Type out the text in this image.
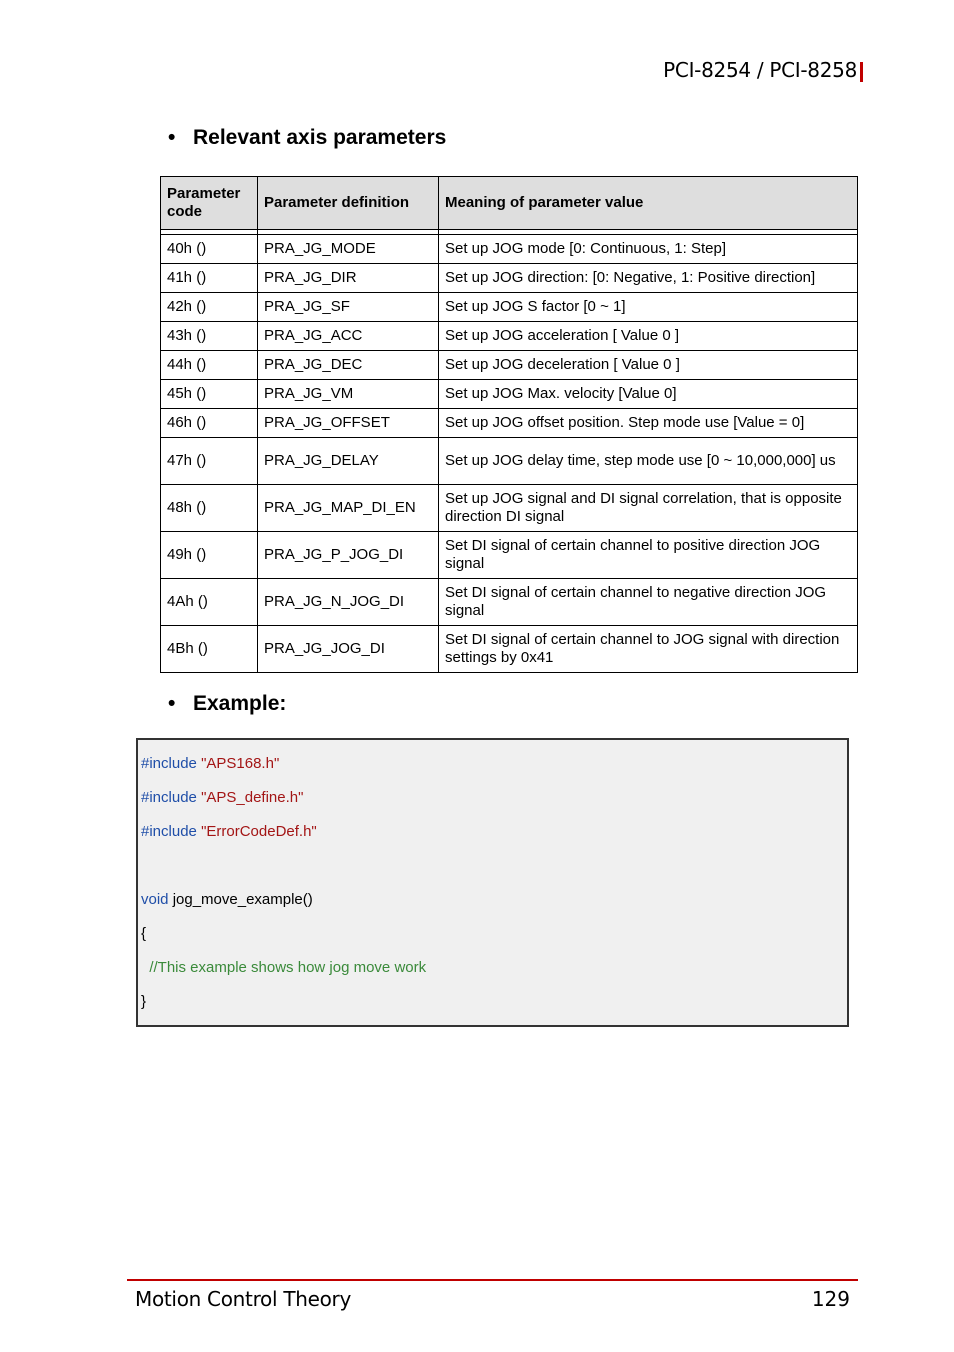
PCI-8254 / PCI-8258
• Relevant axis parameters
Parameter code	Parameter definition	Meaning of parameter value

40h ()	PRA_JG_MODE	Set up JOG mode [0: Continuous, 1: Step]
41h ()	PRA_JG_DIR	Set up JOG direction: [0: Negative, 1: Positive direction]
42h ()	PRA_JG_SF	Set up JOG S factor [0 ~ 1]
43h ()	PRA_JG_ACC	Set up JOG acceleration [ Value 0 ]
44h ()	PRA_JG_DEC	Set up JOG deceleration [ Value 0 ]
45h ()	PRA_JG_VM	Set up JOG Max. velocity [Value 0]
46h ()	PRA_JG_OFFSET	Set up JOG offset position. Step mode use [Value = 0]
47h ()	PRA_JG_DELAY	Set up JOG delay time, step mode use [0 ~ 10,000,000] us
48h ()	PRA_JG_MAP_DI_EN	Set up JOG signal and DI signal correlation, that is opposite direction DI signal
49h ()	PRA_JG_P_JOG_DI	Set DI signal of certain channel to positive direction JOG signal
4Ah ()	PRA_JG_N_JOG_DI	Set DI signal of certain channel to negative direction JOG signal
4Bh ()	PRA_JG_JOG_DI	Set DI signal of certain channel to JOG signal with direction settings by 0x41
• Example:
#include "APS168.h"
#include "APS_define.h"
#include "ErrorCodeDef.h"
void jog_move_example()
{
//This example shows how jog move work
}
Motion Control Theory	129
